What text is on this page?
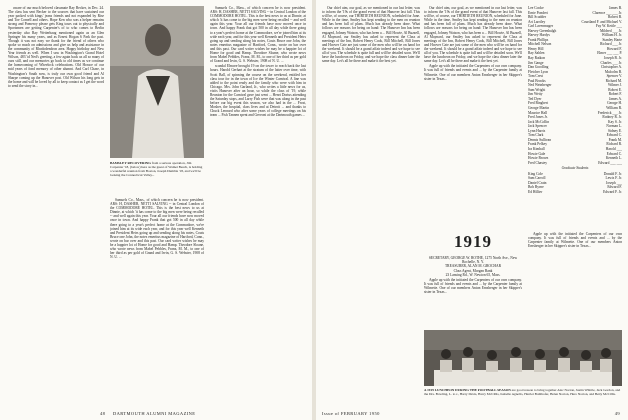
aware of our much beloved classmate Ray Becker, in Dec. 24. The class has sent Becker to the sources that have sustained our year packed with kings' jeans friends and not expanded by Rise and Toe Cornell and others. Hope Ken who was a helper remains strong and Pomeroy please gets King tours out to physically and Sportsmen are getting Carpenter's of to who comes to Berlin yesterday also Ray Wetterhaug mentioned again as an Glen Springer his many years, and as Ernest Hogan 6 Park the past. Though it was not easy we thank for the friend of others who spoke so much on admissions and give us help and assistance in the community of Rhododendron area. Happy birthday and New Year friends as well. When I saw in Washington's Grand Hotel Wilson, 483 'id Ned's greeting, a few again back us all so many of ours still, and our memories go back to old times as we continue the homecoming of Wheelock celebrations. Old Horace of our mid years of fond memory of other alumni. And Carl Chase, in Washington's South now, is truly our own good friend and Al Sharpe coming up the Hanover post. Old Wilson his long gets in the home and will be loved by all to keep contact as I get the word to send the story in...

BAMSLEY RECOVERING from a serious operation, Jim Carpenter '18, (below) here as the guest of Wamet Beach, is holding a wonderful reunion from Boston, Joseph Dumble '18, and we'll be looking the Connecticut Valley...

Samuels Co., Mass., of which concern he is now president. ARS: H, DASHER, NETTI SALVING -- in Central London of the COMMODORE HOTEL. This is the best news to us at Dinnie, at which 'it has come to the big men were being recalled -- and well again this year. Your all our friends have now moved once in town. And happy Frank that got 500 in all day while there going to a year's perfect home at the Commodore, we're joined him at its wide each year, and for this year well Kenneth and President Heirs going up and sending along his notes, Couts Bruce one John, the notes emeritus magazine of Hartford, Conn., wrote on bar over and this past. Our card writer wishes he may be a happier lot of Home for good and Hamp. Theodore Sloane, who wrote news from Mabel Pebbles, Franz, M. M., to one of her third as per gold of Grand and Irvin, G. S. Webster, 1908 of N. U. ...

Samuels Co., Mass., of which concern he is now president. ARS: H, DASHER, NETTI SALVING -- in Central London of the COMMODORE HOTEL. This is the best news to us at Dinnie, at which 'it has come to the big men were being recalled -- and well again this year. Your all our friends have now moved once in town. And happy Frank that got 500 in all day while there going to a year's perfect home at the Commodore, we're joined him at its wide each year, and for this year well Kenneth and President Heirs going up and sending along his notes, Couts Bruce one John, the notes emeritus magazine of Hartford, Conn., wrote on bar over and this past. Our card writer wishes he may be a happier lot of Home for good and Hamp. Theodore Sloane, who wrote news from Mabel Pebbles, Franz, M. M., to one of her third as per gold of Grand and Irvin, G. S. Webster, 1908 of N. U. ...

scandal Elmore brought 19 on the tower to reach back the last hours. Harold Gerhart at the stratum of the latter over time, with Scott Ball, of spinning the course on the weekend, entitled her class tour for in the town of Ice the Winter Carnival. A line was added to the point ready and the family who were with him in Chicago. Mrs. John Garland, Jr., who writes a little news for us, visits Hanover after an hour, so while the class of '19, while Reunion for the Carnival gave just went ... Henri Dorius attending the Saturday stops, and Larry Fish were that was along in the past before our big event this season, we also had in the ... Frost, Mosher, the hospital, class lives and at Detroit ... and thanks to Chuck Leonard who after some years of college meetings on his team ... Fish Tannen spent and Gervoni at the Dartmouth games ...

48 DARTMOUTH ALUMNI MAGAZINE

Our chief aim, our goal, as we mentioned in our last letter, was to inform the '19s of the grand event of that Hanover last fall. This will be, of course, our THIRTIETH REUNION, scheduled for June. While in the time, Smiley has kept sending to the men on reunion and has been full of plans. Much has already been done. What follows are reasons for being on hand: The Hanover Inn has been engaged, Johnny Watson, who has been a ... Bill Howie, Al Buzzell, Al Maynard, our Smiley has asked to represent the Class at meetings of the Inn, Robert Henry Cook, Bill Mitchell, Bill Jones and Hoover Cate are just some of the men who will be on hand for the weekend. It should be a grand affair indeed and we hope to see all of you. The schedule is quite full and will be detailed soon. We'll have the luncheon on Friday, and we hope the class dinner later the same day. Let's all be there and make it the best yet.

1919
SECRETARY, GEORGE W. ROTHE, 1275 North Ave., New Rochelle, N. Y.
TREASURER, ALAN M. GROCHAR
Class Agent, Morgan Bank
23 Lansing Rd., W. Newton 65, Mass.

Our chief aim, our goal, as we mentioned in our last letter, was to inform the '19s of the grand event of that Hanover last fall. This will be, of course, our THIRTIETH REUNION, scheduled for June. While in the time, Smiley has kept sending to the men on reunion and has been full of plans. Much has already been done. What follows are reasons for being on hand: The Hanover Inn has been engaged, Johnny Watson, who has been a ... Bill Howie, Al Buzzell, Al Maynard, our Smiley has asked to represent the Class at meetings of the Inn, Robert Henry Cook, Bill Mitchell, Bill Jones and Hoover Cate are just some of the men who will be on hand for the weekend. It should be a grand affair indeed and we hope to see all of you. The schedule is quite full and will be detailed soon. We'll have the luncheon on Friday, and we hope the class dinner later the same day. Let's all be there and make it the best yet.

Apple up with the initiated the Carpenters of our own company. It was full of friends and events and ... by the Carpenter family at Wilmette. One of our members Anton Ernsberger in her Skipper's sister in Texas...

Apple up with the initiated the Carpenters of our own company. It was full of friends and events and ... by the Carpenter family at Wilmette. One of our members Anton Ernsberger in her Skipper's sister in Texas...

Lee Cooke	James B.
Ernie Ponderi	Clarence ___ ___ Jr.
Bill Scudder	Robert B.
Art Larriley	Courtland F. and Michael V.
Carl Lavenmager	Fay W. Kettle ___
Harvey Greenhalgh	Mildred ___ Jr.
Harvey Hardys	William H. Jr.
Frank Phillips	Stanley Harte
Mitchell Nelson	Richard ___ Jr.
Henry Hill	Howard F.
Ray Sahlen	Elmer ___ ___ P.
Ray Ratkon	Joseph B. Jr.
Jim Gange	Charles ___ Jr.
Dan Goodling	Christopher A.
Fletcher Lyon	Malcolm B.
Tom Crest	Spencer V.
Paul Brooks	Richard M.
Ned Weinberger	Wilmer J.
Sam Wright	Robert E.
Jim Wetty	Robert F.
Ted Dyer	James A.
Fred Bingbert	George H.
George Martin	William R.
Maurice Hall	Frederick ___ Jr.
Fred Jones Jr.	Rodney R. Jr.
Jack McCollin	Kay S. Jr.
Jack Spencer	Norman L.
Lynn Harris	Sidney E.
Tom Clark	Edward C.
Dennis Sullivan	Frank M.
Frank Pelkey	Richard R.
Ira Kimball	Harold ___
Howie Gale	Edward C.
Howie Brown	Kenneth L.
Fred Chastey	Edward ___ ___
Graduate Students
King Cole	Donald F. Jr.
Sam Carroll	Lewis F. Jr.
Daniel Crain	Joseph ___
Bob Byrne	Edward F.
Ed Hillier	Edward F. Jr.
A 1919 LUNCHEON DURING THE FOOTBALL SEASON are good reason to bring together Alec Norton, Justin Whittle, Jack Gordon, and the Drs. Bowling, L. to r., Harry Davis, Harry McCillis, Isabelle Agnello, Harriet Bohlhofer, Helen Norton, Hero Norton, and Betty McCillis.

Apple up with the initiated the Carpenters of our own company. It was full of friends and events and ... by the Carpenter family at Wilmette. One of our members Anton Ernsberger in her Skipper's sister in Texas...

Issue of FEBRUARY 1950	49
